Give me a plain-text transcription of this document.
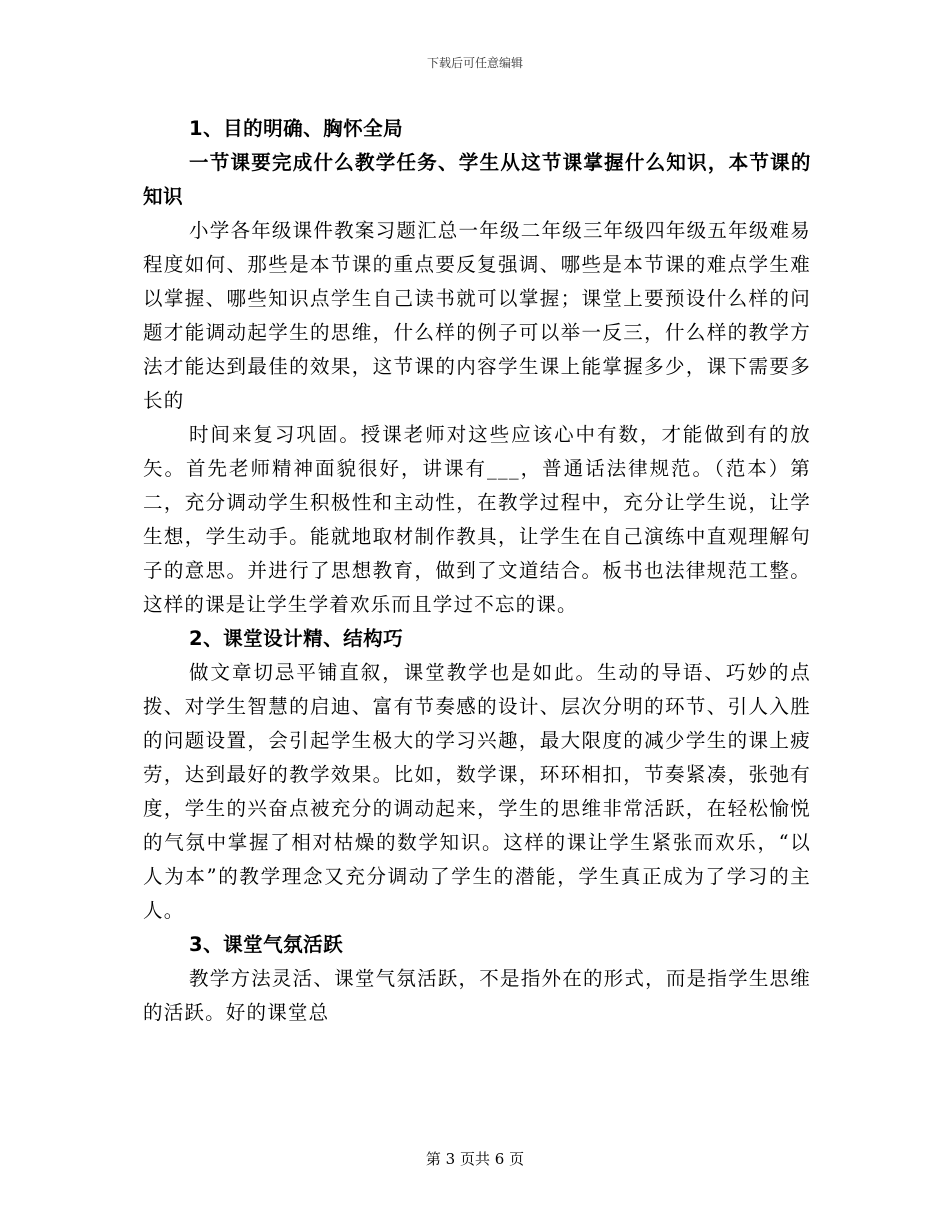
下载后可任意编辑

1、目的明确、胸怀全局

一节课要完成什么教学任务、学生从这节课掌握什么知识，本节课的知识

小学各年级课件教案习题汇总一年级二年级三年级四年级五年级难易程度如何、那些是本节课的重点要反复强调、哪些是本节课的难点学生难以掌握、哪些知识点学生自己读书就可以掌握；课堂上要预设什么样的问题才能调动起学生的思维，什么样的例子可以举一反三，什么样的教学方法才能达到最佳的效果，这节课的内容学生课上能掌握多少，课下需要多长的

时间来复习巩固。授课老师对这些应该心中有数，才能做到有的放矢。首先老师精神面貌很好，讲课有___，普通话法律规范。（范本）第二，充分调动学生积极性和主动性，在教学过程中，充分让学生说，让学生想，学生动手。能就地取材制作教具，让学生在自己演练中直观理解句子的意思。并进行了思想教育，做到了文道结合。板书也法律规范工整。这样的课是让学生学着欢乐而且学过不忘的课。

2、课堂设计精、结构巧

做文章切忌平铺直叙，课堂教学也是如此。生动的导语、巧妙的点拨、对学生智慧的启迪、富有节奏感的设计、层次分明的环节、引人入胜的问题设置，会引起学生极大的学习兴趣，最大限度的减少学生的课上疲劳，达到最好的教学效果。比如，数学课，环环相扣，节奏紧凑，张弛有度，学生的兴奋点被充分的调动起来，学生的思维非常活跃，在轻松愉悦的气氛中掌握了相对枯燥的数学知识。这样的课让学生紧张而欢乐，“以人为本”的教学理念又充分调动了学生的潜能，学生真正成为了学习的主人。

3、课堂气氛活跃

教学方法灵活、课堂气氛活跃，不是指外在的形式，而是指学生思维的活跃。好的课堂总

第 3 页共 6 页
